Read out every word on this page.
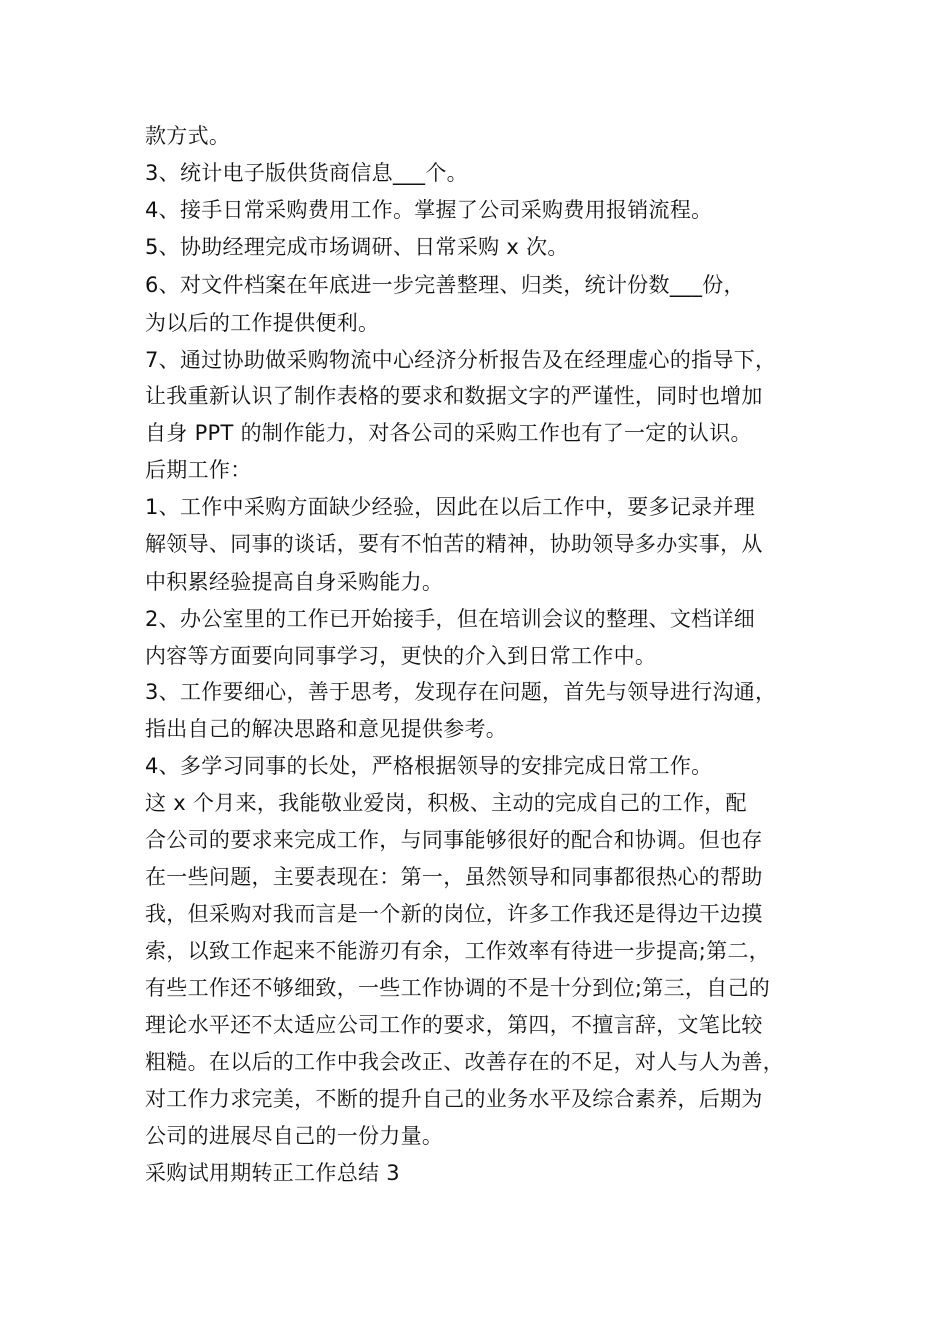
款方式。
3、统计电子版供货商信息___个。
4、接手日常采购费用工作。掌握了公司采购费用报销流程。
5、协助经理完成市场调研、日常采购 x 次。
6、对文件档案在年底进一步完善整理、归类，统计份数___份，
为以后的工作提供便利。
7、通过协助做采购物流中心经济分析报告及在经理虚心的指导下，
让我重新认识了制作表格的要求和数据文字的严谨性，同时也增加
自身 PPT 的制作能力，对各公司的采购工作也有了一定的认识。
后期工作：
1、工作中采购方面缺少经验，因此在以后工作中，要多记录并理
解领导、同事的谈话，要有不怕苦的精神，协助领导多办实事，从
中积累经验提高自身采购能力。
2、办公室里的工作已开始接手，但在培训会议的整理、文档详细
内容等方面要向同事学习，更快的介入到日常工作中。
3、工作要细心，善于思考，发现存在问题，首先与领导进行沟通，
指出自己的解决思路和意见提供参考。
4、多学习同事的长处，严格根据领导的安排完成日常工作。
这 x 个月来，我能敬业爱岗，积极、主动的完成自己的工作，配
合公司的要求来完成工作，与同事能够很好的配合和协调。但也存
在一些问题，主要表现在：第一，虽然领导和同事都很热心的帮助
我，但采购对我而言是一个新的岗位，许多工作我还是得边干边摸
索，以致工作起来不能游刃有余，工作效率有待进一步提高;第二，
有些工作还不够细致，一些工作协调的不是十分到位;第三，自己的
理论水平还不太适应公司工作的要求，第四，不擅言辞，文笔比较
粗糙。在以后的工作中我会改正、改善存在的不足，对人与人为善，
对工作力求完美，不断的提升自己的业务水平及综合素养，后期为
公司的进展尽自己的一份力量。
采购试用期转正工作总结 3
